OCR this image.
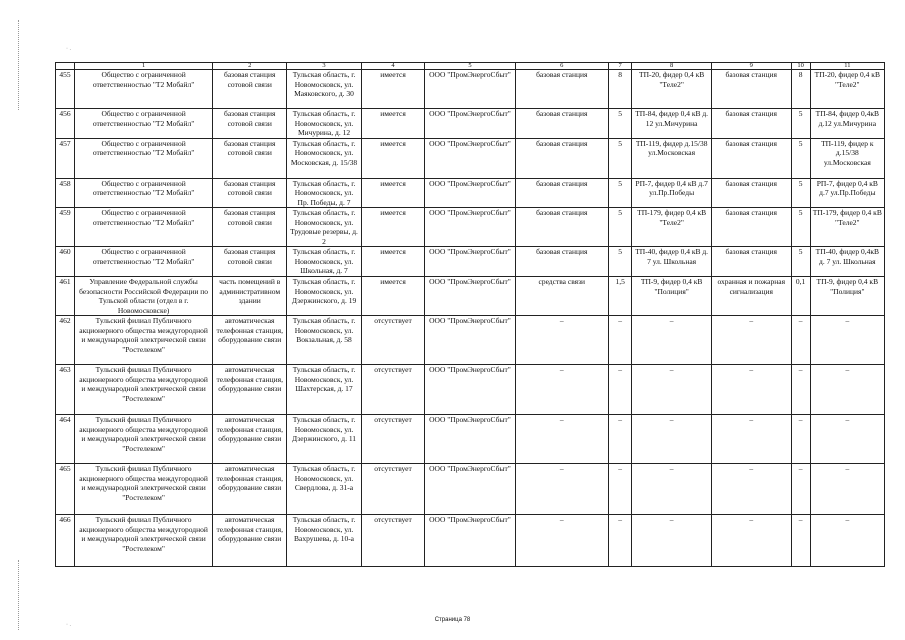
· .
· .
	1	2	3	4	5	6	7	8	9	10	11
455	Общество с ограниченной ответственностью "Т2 Мобайл"	базовая станция сотовой связи	Тульская область, г. Новомосковск, ул. Маяковского, д. 30	имеется	ООО "ПромЭнергоСбыт"	базовая станция	8	ТП-20, фидер 0,4 кВ "Теле2"	базовая станция	8	ТП-20, фидер 0,4 кВ "Теле2"
456	Общество с ограниченной ответственностью "Т2 Мобайл"	базовая станция сотовой связи	Тульская область, г. Новомосковск, ул. Мичурина, д. 12	имеется	ООО "ПромЭнергоСбыт"	базовая станция	5	ТП-84, фидер 0,4 кВ д. 12 ул.Мичурина	базовая станция	5	ТП-84, фидер 0,4кВ д.12 ул.Мичурина
457	Общество с ограниченной ответственностью "Т2 Мобайл"	базовая станция сотовой связи	Тульская область, г. Новомосковск, ул. Московская, д. 15/38	имеется	ООО "ПромЭнергоСбыт"	базовая станция	5	ТП-119, фидер д.15/38 ул.Московская	базовая станция	5	ТП-119, фидер к д.15/38 ул.Московская
458	Общество с ограниченной ответственностью "Т2 Мобайл"	базовая станция сотовой связи	Тульская область, г. Новомосковск, ул. Пр. Победы, д. 7	имеется	ООО "ПромЭнергоСбыт"	базовая станция	5	РП-7, фидер 0,4 кВ д.7 ул.Пр.Победы	базовая станция	5	РП-7, фидер 0,4 кВ д.7 ул.Пр.Победы
459	Общество с ограниченной ответственностью "Т2 Мобайл"	базовая станция сотовой связи	Тульская область, г. Новомосковск, ул. Трудовые резервы, д. 2	имеется	ООО "ПромЭнергоСбыт"	базовая станция	5	ТП-179, фидер 0,4 кВ "Теле2"	базовая станция	5	ТП-179, фидер 0,4 кВ "Теле2"
460	Общество с ограниченной ответственностью "Т2 Мобайл"	базовая станция сотовой связи	Тульская область, г. Новомосковск, ул. Школьная, д. 7	имеется	ООО "ПромЭнергоСбыт"	базовая станция	5	ТП-40, фидер 0,4 кВ д. 7 ул. Школьная	базовая станция	5	ТП-40, фидер 0,4кВ д. 7 ул. Школьная
461	Управление Федеральной службы безопасности Российской Федерации по Тульской области (отдел в г. Новомосковске)	часть помещений в административном здании	Тульская область, г. Новомосковск, ул. Дзержинского, д. 19	имеется	ООО "ПромЭнергоСбыт"	средства связи	1,5	ТП-9, фидер 0,4 кВ "Полиция"	охранная и пожарная сигнализация	0,1	ТП-9, фидер 0,4 кВ "Полиция"
462	Тульский филиал Публичного акционерного общества междугородной и международной электрической связи "Ростелеком"	автоматическая телефонная станция, оборудование связи	Тульская область, г. Новомосковск, ул. Вокзальная, д. 58	отсутствует	ООО "ПромЭнергоСбыт"	–	–	–	–	–	–
463	Тульский филиал Публичного акционерного общества междугородной и международной электрической связи "Ростелеком"	автоматическая телефонная станция, оборудование связи	Тульская область, г. Новомосковск, ул. Шахтерская, д. 17	отсутствует	ООО "ПромЭнергоСбыт"	–	–	–	–	–	–
464	Тульский филиал Публичного акционерного общества междугородной и международной электрической связи "Ростелеком"	автоматическая телефонная станция, оборудование связи	Тульская область, г. Новомосковск, ул. Дзержинского, д. 11	отсутствует	ООО "ПромЭнергоСбыт"	–	–	–	–	–	–
465	Тульский филиал Публичного акционерного общества междугородной и международной электрической связи "Ростелеком"	автоматическая телефонная станция, оборудование связи	Тульская область, г. Новомосковск, ул. Свердлова, д. 31-а	отсутствует	ООО "ПромЭнергоСбыт"	–	–	–	–	–	–
466	Тульский филиал Публичного акционерного общества междугородной и международной электрической связи "Ростелеком"	автоматическая телефонная станция, оборудование связи	Тульская область, г. Новомосковск, ул. Вахрушева, д. 10-а	отсутствует	ООО "ПромЭнергоСбыт"	–	–	–	–	–	–
Страница 78
